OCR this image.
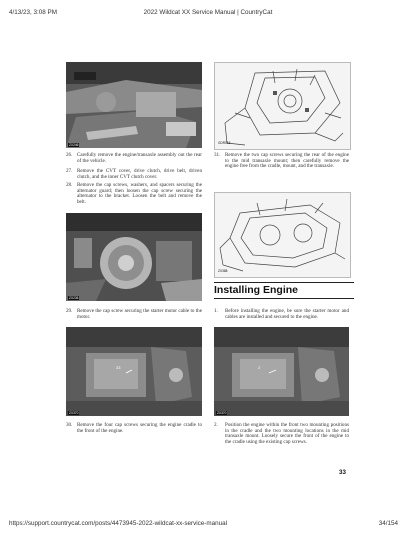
4/13/23, 3:08 PM	2022 Wildcat XX Service Manual | CountryCat
ZX246	GDR015
26. Carefully remove the engine/transaxle assembly out the rear of the vehicle.
27. Remove the CVT cover, drive clutch, drive belt, driven clutch, and the inner CVT clutch cover.
28. Remove the cap screws, washers, and spacers securing the alternator guard; then loosen the cap screw securing the alternator to the bracket. Loosen the belt and remove the belt.
31. Remove the two cap screws securing the rear of the engine to the mid transaxle mount; then carefully remove the engine free from the cradle, mount, and the transaxle.
ZX236
ZX388
Installing Engine
29. Remove the cap screw securing the starter motor cable to the motor.
1.	Before installing the engine, be sure the starter motor and cables are installed and secured to the engine.
33
ZX370
2
ZX370
30. Remove the four cap screws securing the engine cradle to the front of the engine.
2.	Position the engine within the front two mounting positions in the cradle and the two mounting locations in the mid transaxle mount. Loosely secure the front of the engine to the cradle using the existing cap screws.
33
https://support.countrycat.com/posts/4473945-2022-wildcat-xx-service-manual	34/154
